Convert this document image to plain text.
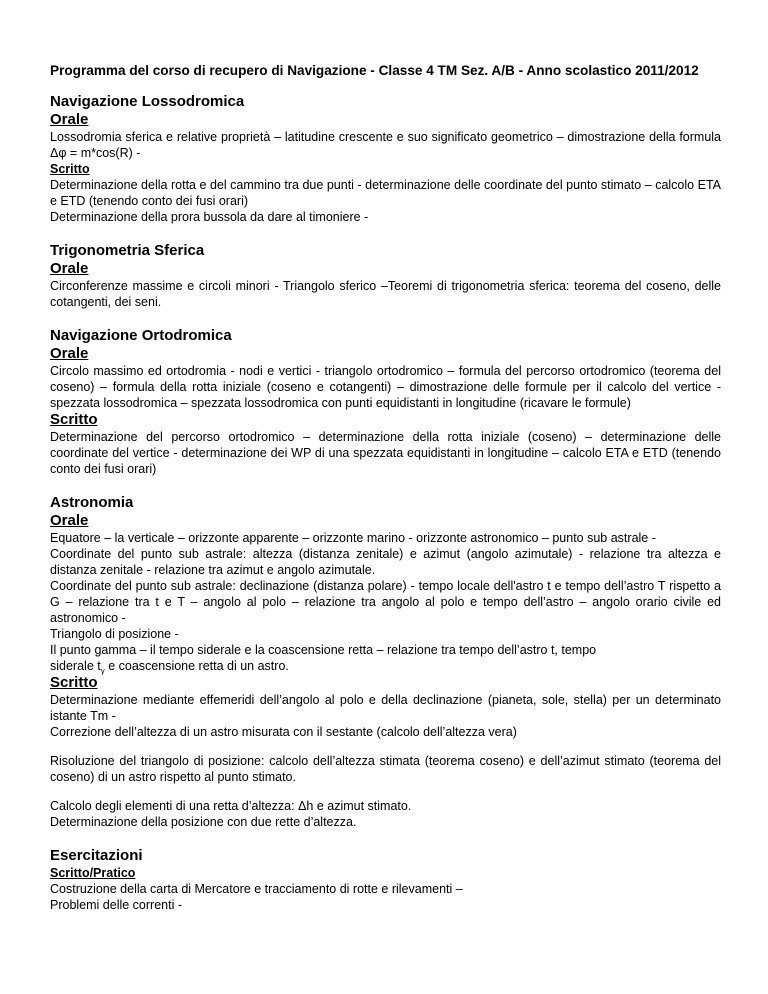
Programma del corso di recupero di Navigazione - Classe 4 TM Sez. A/B - Anno scolastico 2011/2012

Navigazione Lossodromica
Orale

Lossodromia sferica e relative proprietà – latitudine crescente e suo significato geometrico – dimostrazione della formula Δφ = m*cos(R) -

Scritto

Determinazione della rotta e del cammino tra due punti - determinazione delle coordinate del punto stimato – calcolo ETA e ETD (tenendo conto dei fusi orari)

Determinazione della prora bussola da dare al timoniere -

Trigonometria Sferica
Orale

Circonferenze massime e circoli minori - Triangolo sferico –Teoremi di trigonometria sferica: teorema del coseno, delle cotangenti, dei seni.

Navigazione Ortodromica
Orale

Circolo massimo ed ortodromia - nodi e vertici - triangolo ortodromico – formula del percorso ortodromico (teorema del coseno) – formula della rotta iniziale (coseno e cotangenti) – dimostrazione delle formule per il calcolo del vertice - spezzata lossodromica – spezzata lossodromica con punti equidistanti in longitudine (ricavare le formule)

Scritto

Determinazione del percorso ortodromico – determinazione della rotta iniziale (coseno) – determinazione delle coordinate del vertice - determinazione dei WP di una spezzata equidistanti in longitudine – calcolo ETA e ETD (tenendo conto dei fusi orari)

Astronomia
Orale

Equatore – la verticale – orizzonte apparente – orizzonte marino - orizzonte astronomico – punto sub astrale -

Coordinate del punto sub astrale: altezza (distanza zenitale) e azimut (angolo azimutale) - relazione tra altezza e distanza zenitale - relazione tra azimut e angolo azimutale.

Coordinate del punto sub astrale: declinazione (distanza polare) - tempo locale dell'astro t e tempo dell’astro T rispetto a G – relazione tra t e T – angolo al polo – relazione tra angolo al polo e tempo dell’astro – angolo orario civile ed astronomico -

Triangolo di posizione -

Il punto gamma – il tempo siderale e la coascensione retta – relazione tra tempo dell’astro t, tempo

siderale $t_\gamma$ e coascensione retta di un astro.

Scritto

Determinazione mediante effemeridi dell’angolo al polo e della declinazione (pianeta, sole, stella) per un determinato istante Tm -

Correzione dell’altezza di un astro misurata con il sestante (calcolo dell’altezza vera)

Risoluzione del triangolo di posizione: calcolo dell’altezza stimata (teorema coseno) e dell’azimut stimato (teorema del coseno) di un astro rispetto al punto stimato.

Calcolo degli elementi di una retta d’altezza: Δh e azimut stimato.

Determinazione della posizione con due rette d’altezza.

Esercitazioni
Scritto/Pratico

Costruzione della carta di Mercatore e tracciamento di rotte e rilevamenti –

Problemi delle correnti -
